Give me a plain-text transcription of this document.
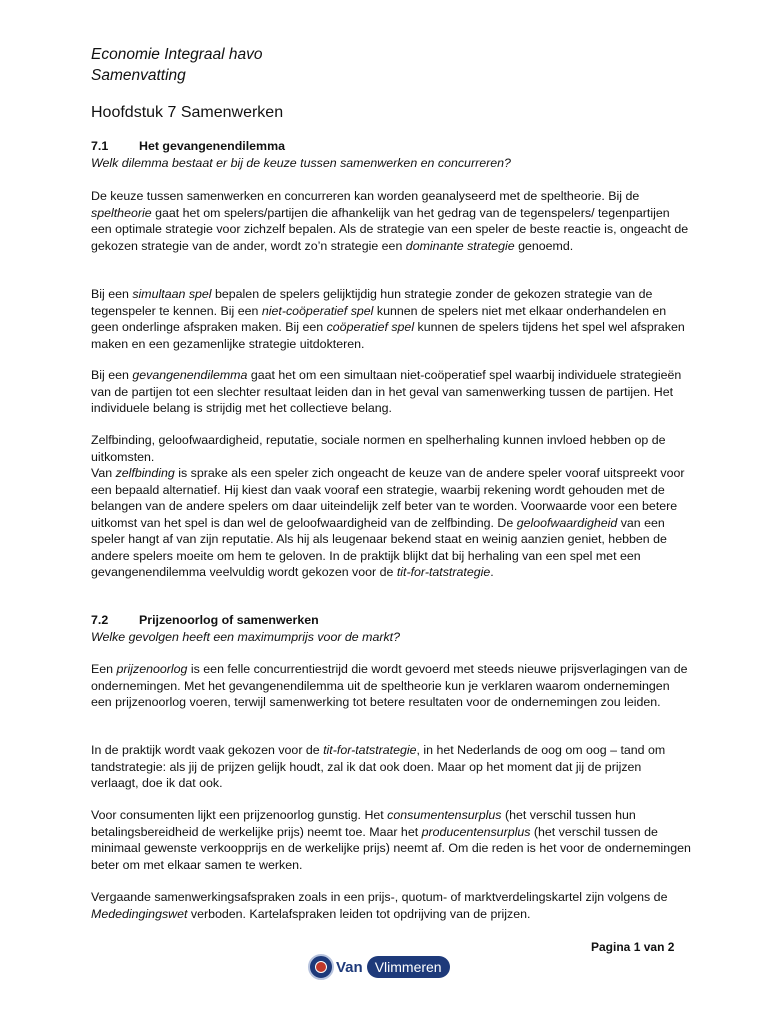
Economie Integraal havo
Samenvatting
Hoofdstuk 7 Samenwerken
7.1 Het gevangenendilemma
Welk dilemma bestaat er bij de keuze tussen samenwerken en concurreren?

De keuze tussen samenwerken en concurreren kan worden geanalyseerd met de speltheorie. Bij de speltheorie gaat het om spelers/partijen die afhankelijk van het gedrag van de tegenspelers/ tegenpartijen een optimale strategie voor zichzelf bepalen. Als de strategie van een speler de beste reactie is, ongeacht de gekozen strategie van de ander, wordt zo’n strategie een dominante strategie genoemd.

Bij een simultaan spel bepalen de spelers gelijktijdig hun strategie zonder de gekozen strategie van de tegenspeler te kennen. Bij een niet-coöperatief spel kunnen de spelers niet met elkaar onderhandelen en geen onderlinge afspraken maken. Bij een coöperatief spel kunnen de spelers tijdens het spel wel afspraken maken en een gezamenlijke strategie uitdokteren.

Bij een gevangenendilemma gaat het om een simultaan niet-coöperatief spel waarbij individuele strategieën van de partijen tot een slechter resultaat leiden dan in het geval van samenwerking tussen de partijen. Het individuele belang is strijdig met het collectieve belang.

Zelfbinding, geloofwaardigheid, reputatie, sociale normen en spelherhaling kunnen invloed hebben op de uitkomsten.

Van zelfbinding is sprake als een speler zich ongeacht de keuze van de andere speler vooraf uitspreekt voor een bepaald alternatief. Hij kiest dan vaak vooraf een strategie, waarbij rekening wordt gehouden met de belangen van de andere spelers om daar uiteindelijk zelf beter van te worden. Voorwaarde voor een betere uitkomst van het spel is dan wel de geloofwaardigheid van de zelfbinding. De geloofwaardigheid van een speler hangt af van zijn reputatie. Als hij als leugenaar bekend staat en weinig aanzien geniet, hebben de andere spelers moeite om hem te geloven. In de praktijk blijkt dat bij herhaling van een spel met een gevangenendilemma veelvuldig wordt gekozen voor de tit-for-tatstrategie.

7.2 Prijzenoorlog of samenwerken
Welke gevolgen heeft een maximumprijs voor de markt?

Een prijzenoorlog is een felle concurrentiestrijd die wordt gevoerd met steeds nieuwe prijsverlagingen van de ondernemingen. Met het gevangenendilemma uit de speltheorie kun je verklaren waarom ondernemingen een prijzenoorlog voeren, terwijl samenwerking tot betere resultaten voor de ondernemingen zou leiden.

In de praktijk wordt vaak gekozen voor de tit-for-tatstrategie, in het Nederlands de oog om oog – tand om tandstrategie: als jij de prijzen gelijk houdt, zal ik dat ook doen. Maar op het moment dat jij de prijzen verlaagt, doe ik dat ook.

Voor consumenten lijkt een prijzenoorlog gunstig. Het consumentensurplus (het verschil tussen hun betalingsbereidheid de werkelijke prijs) neemt toe. Maar het producentensurplus (het verschil tussen de minimaal gewenste verkoopprijs en de werkelijke prijs) neemt af. Om die reden is het voor de ondernemingen beter om met elkaar samen te werken.

Vergaande samenwerkingsafspraken zoals in een prijs-, quotum- of marktverdelingskartel zijn volgens de Mededingingswet verboden. Kartelafspraken leiden tot opdrijving van de prijzen.

Pagina 1 van 2
Van Vlimmeren
